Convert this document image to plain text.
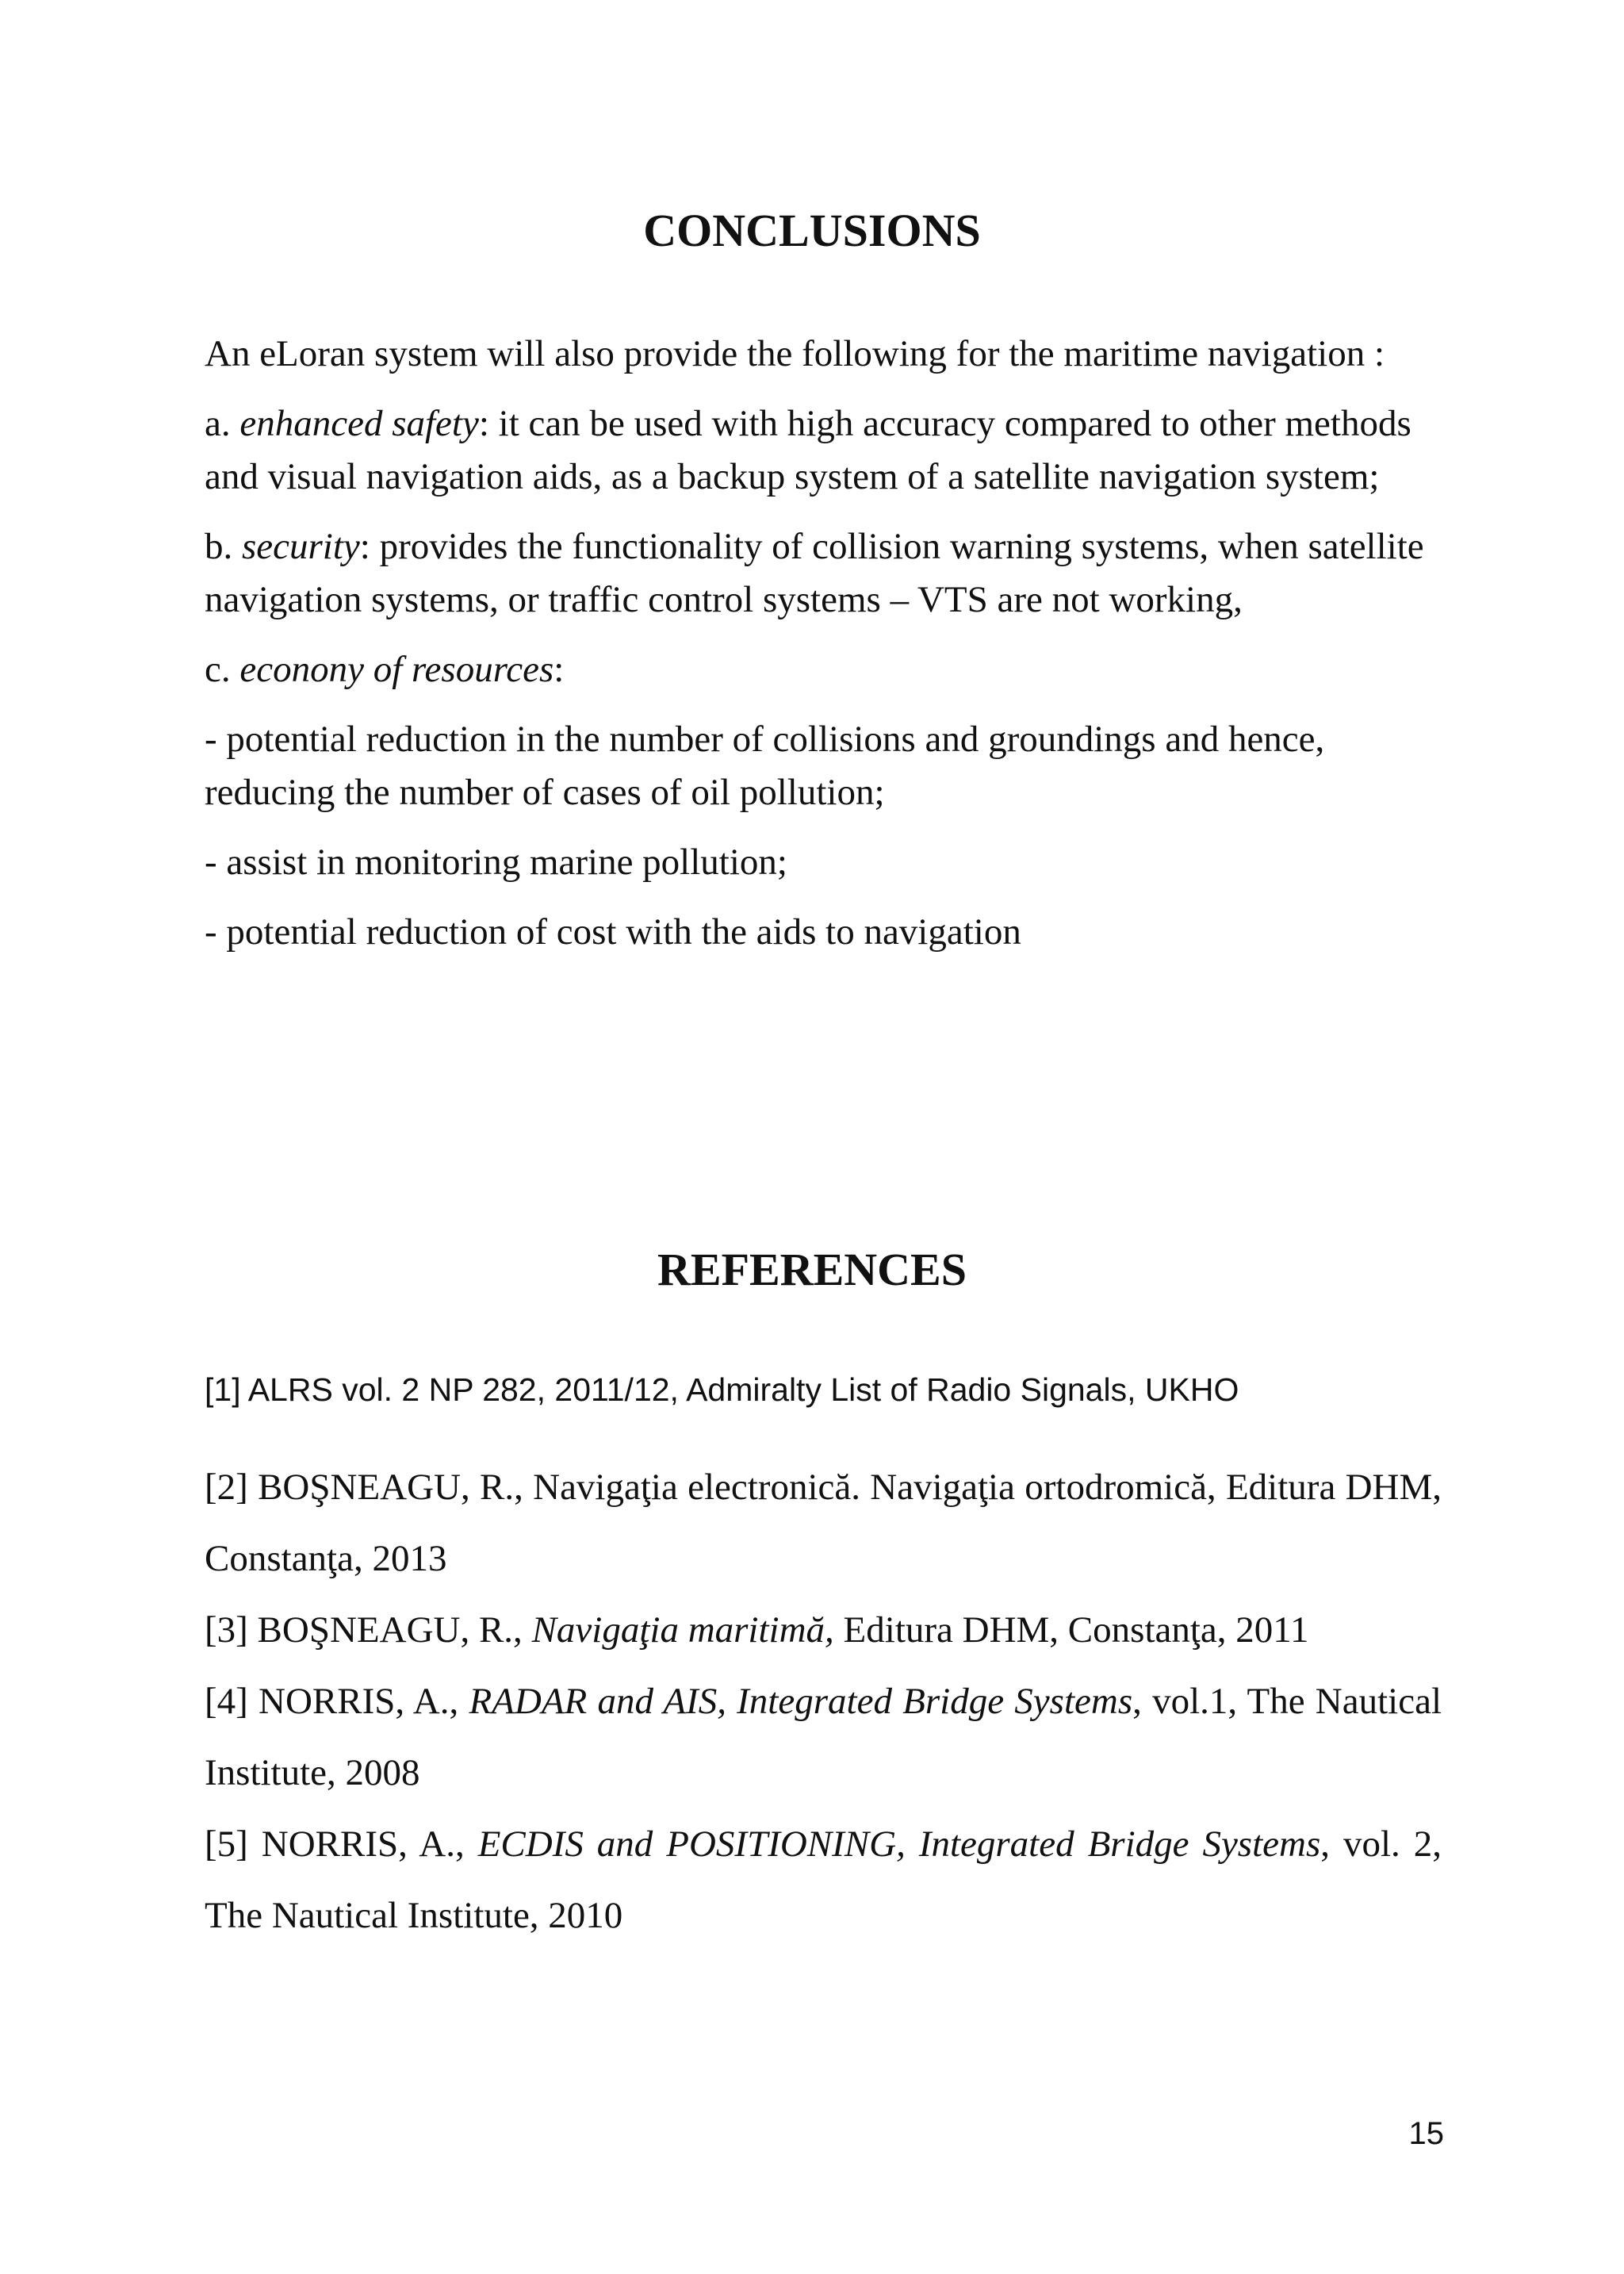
CONCLUSIONS

An eLoran system will also provide the following for the maritime navigation :

a. enhanced safety: it can be used with high accuracy compared to other methods and visual navigation aids, as a backup system of a satellite navigation system;

b. security: provides the functionality of collision warning systems, when satellite navigation systems, or traffic control systems – VTS are not working,

c. econony of resources:

- potential reduction in the number of collisions and groundings and hence, reducing the number of cases of oil pollution;

- assist in monitoring marine pollution;

- potential reduction of cost with the aids to navigation

REFERENCES

[1] ALRS vol. 2 NP 282, 2011/12, Admiralty List of Radio Signals, UKHO

[2] BOŞNEAGU, R., Navigaţia electronică. Navigaţia ortodromică, Editura DHM, Constanţa, 2013

[3] BOŞNEAGU, R., Navigaţia maritimă, Editura DHM, Constanţa, 2011

[4] NORRIS, A., RADAR and AIS, Integrated Bridge Systems, vol.1, The Nautical Institute, 2008

[5] NORRIS, A., ECDIS and POSITIONING, Integrated Bridge Systems, vol. 2, The Nautical Institute, 2010

15
